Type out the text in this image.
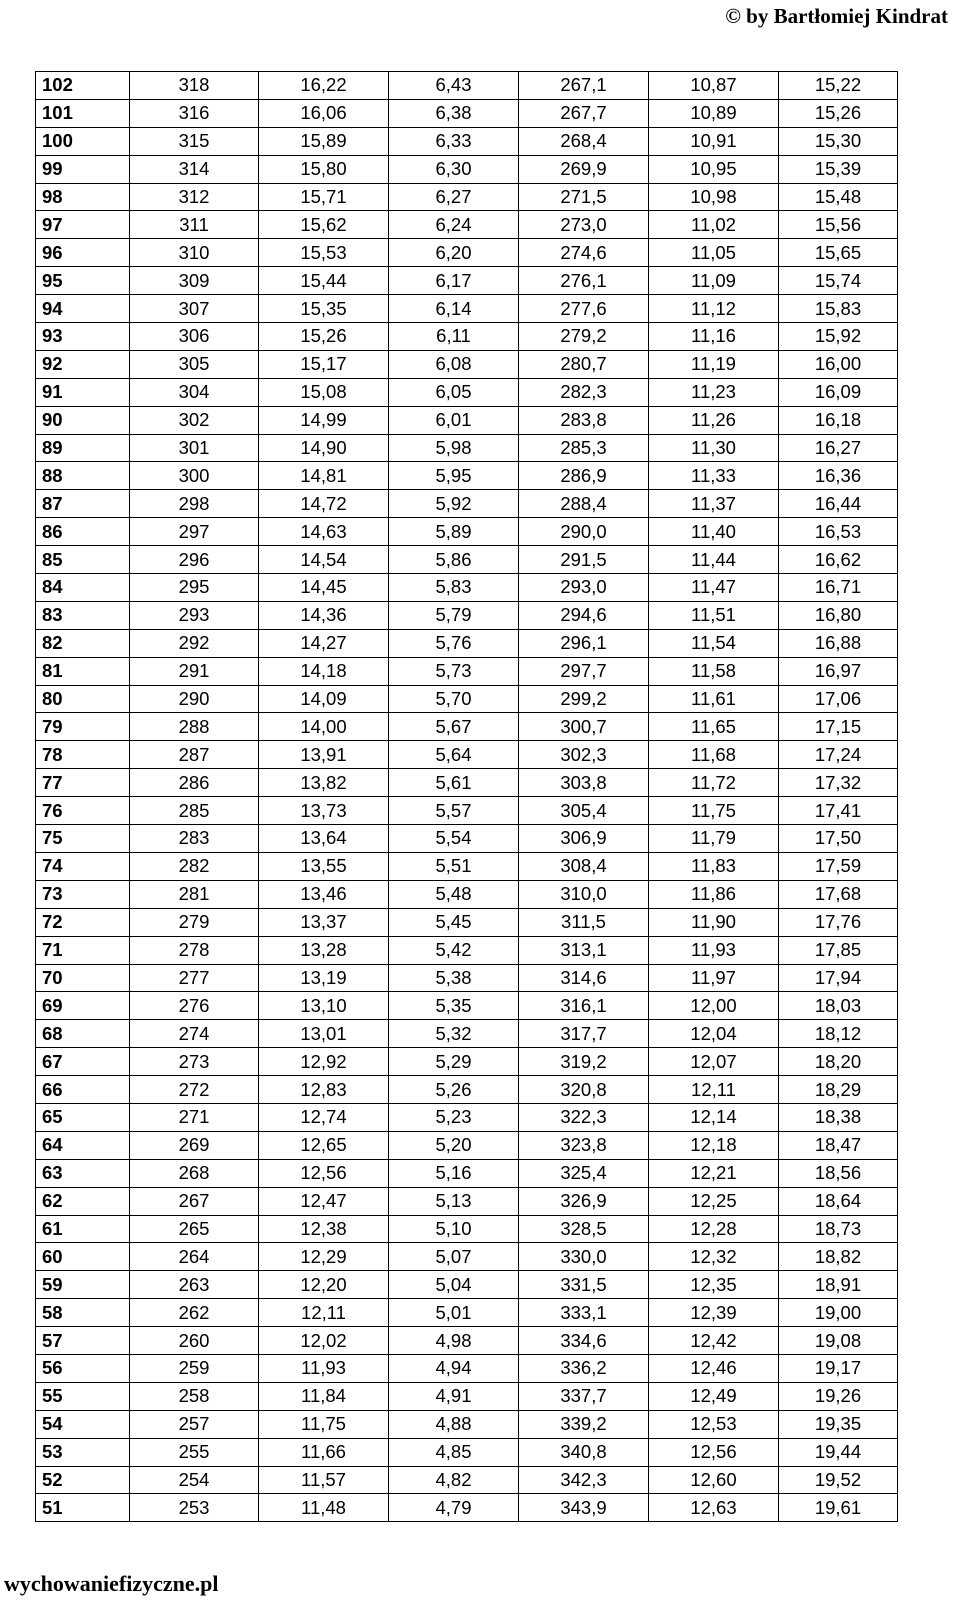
© by Bartłomiej Kindrat
102	318	16,22	6,43	267,1	10,87	15,22
101	316	16,06	6,38	267,7	10,89	15,26
100	315	15,89	6,33	268,4	10,91	15,30
99	314	15,80	6,30	269,9	10,95	15,39
98	312	15,71	6,27	271,5	10,98	15,48
97	311	15,62	6,24	273,0	11,02	15,56
96	310	15,53	6,20	274,6	11,05	15,65
95	309	15,44	6,17	276,1	11,09	15,74
94	307	15,35	6,14	277,6	11,12	15,83
93	306	15,26	6,11	279,2	11,16	15,92
92	305	15,17	6,08	280,7	11,19	16,00
91	304	15,08	6,05	282,3	11,23	16,09
90	302	14,99	6,01	283,8	11,26	16,18
89	301	14,90	5,98	285,3	11,30	16,27
88	300	14,81	5,95	286,9	11,33	16,36
87	298	14,72	5,92	288,4	11,37	16,44
86	297	14,63	5,89	290,0	11,40	16,53
85	296	14,54	5,86	291,5	11,44	16,62
84	295	14,45	5,83	293,0	11,47	16,71
83	293	14,36	5,79	294,6	11,51	16,80
82	292	14,27	5,76	296,1	11,54	16,88
81	291	14,18	5,73	297,7	11,58	16,97
80	290	14,09	5,70	299,2	11,61	17,06
79	288	14,00	5,67	300,7	11,65	17,15
78	287	13,91	5,64	302,3	11,68	17,24
77	286	13,82	5,61	303,8	11,72	17,32
76	285	13,73	5,57	305,4	11,75	17,41
75	283	13,64	5,54	306,9	11,79	17,50
74	282	13,55	5,51	308,4	11,83	17,59
73	281	13,46	5,48	310,0	11,86	17,68
72	279	13,37	5,45	311,5	11,90	17,76
71	278	13,28	5,42	313,1	11,93	17,85
70	277	13,19	5,38	314,6	11,97	17,94
69	276	13,10	5,35	316,1	12,00	18,03
68	274	13,01	5,32	317,7	12,04	18,12
67	273	12,92	5,29	319,2	12,07	18,20
66	272	12,83	5,26	320,8	12,11	18,29
65	271	12,74	5,23	322,3	12,14	18,38
64	269	12,65	5,20	323,8	12,18	18,47
63	268	12,56	5,16	325,4	12,21	18,56
62	267	12,47	5,13	326,9	12,25	18,64
61	265	12,38	5,10	328,5	12,28	18,73
60	264	12,29	5,07	330,0	12,32	18,82
59	263	12,20	5,04	331,5	12,35	18,91
58	262	12,11	5,01	333,1	12,39	19,00
57	260	12,02	4,98	334,6	12,42	19,08
56	259	11,93	4,94	336,2	12,46	19,17
55	258	11,84	4,91	337,7	12,49	19,26
54	257	11,75	4,88	339,2	12,53	19,35
53	255	11,66	4,85	340,8	12,56	19,44
52	254	11,57	4,82	342,3	12,60	19,52
51	253	11,48	4,79	343,9	12,63	19,61
wychowaniefizyczne.pl
